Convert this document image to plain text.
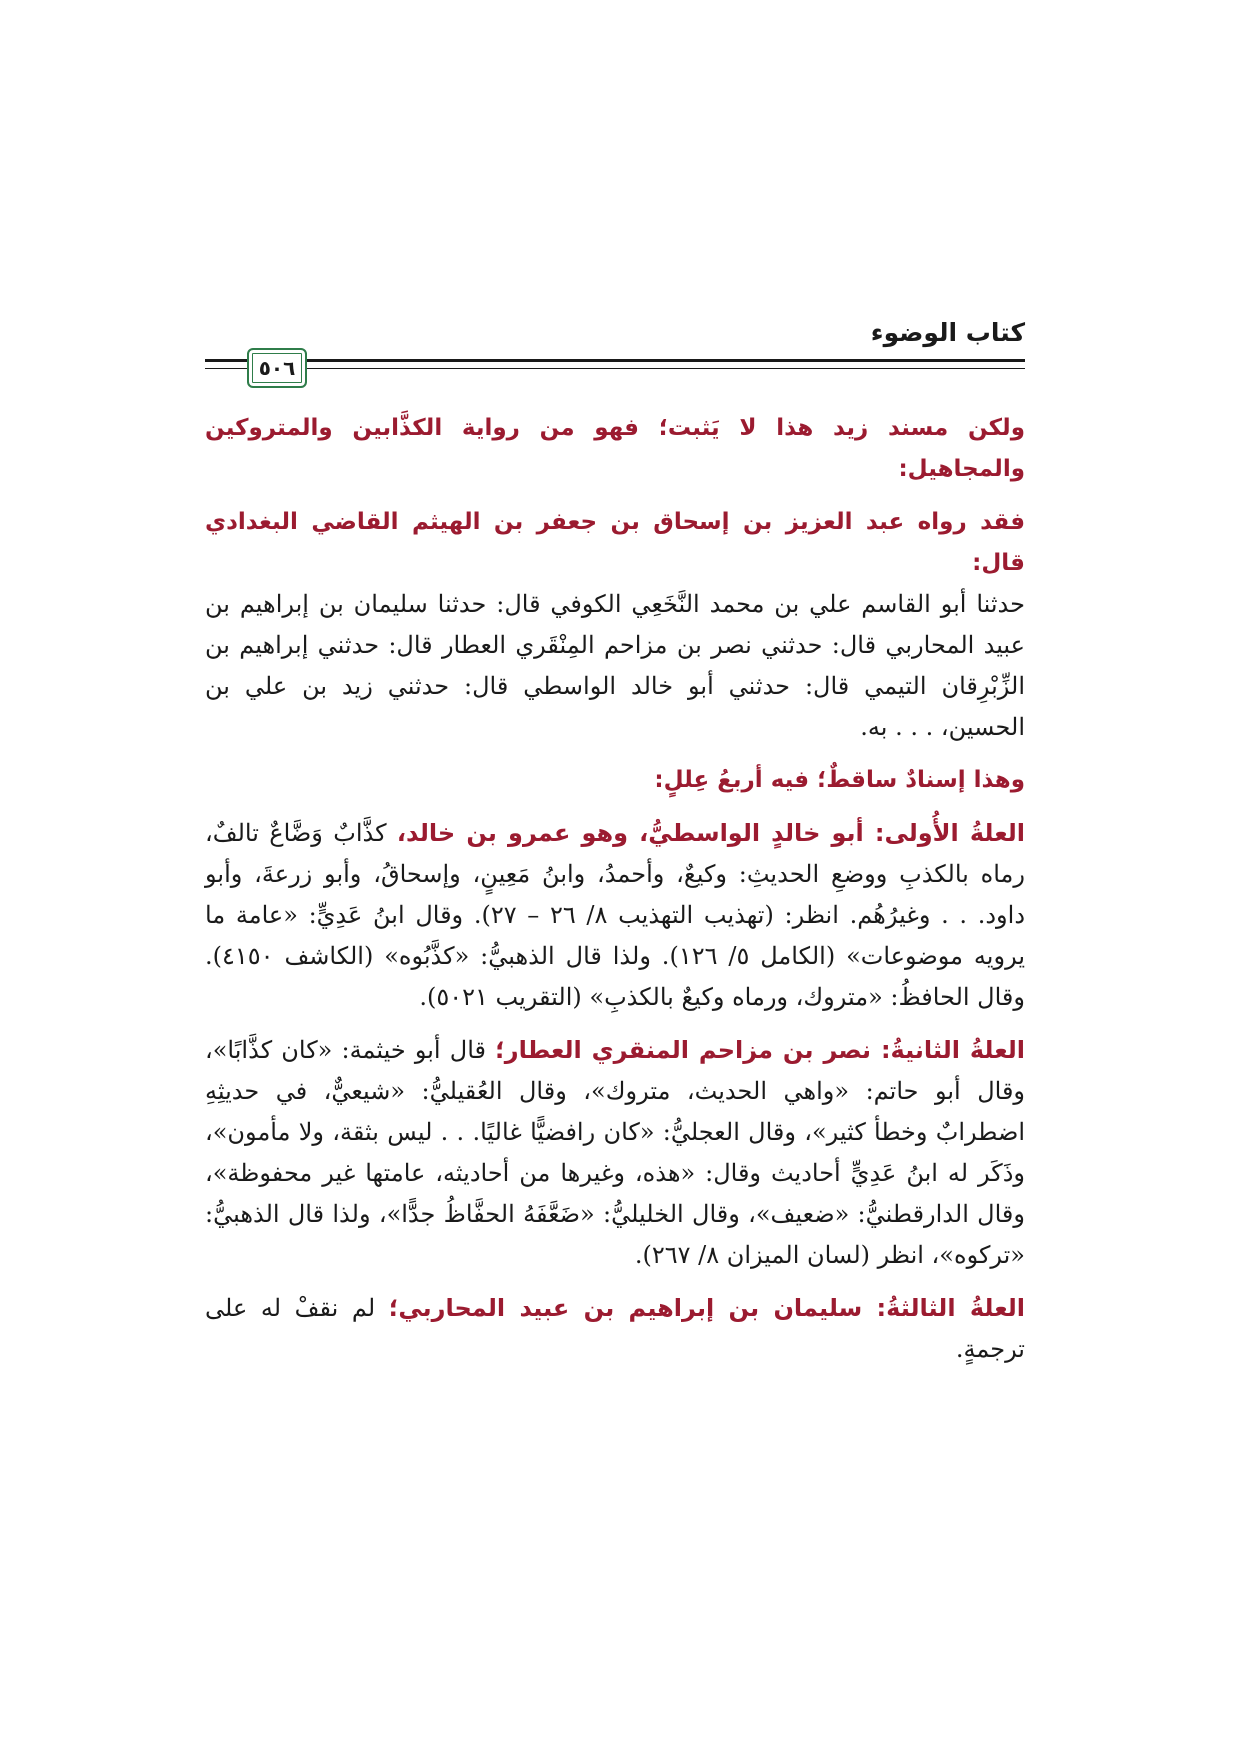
كتاب الوضوء
٥٠٦

ولكن مسند زيد هذا لا يَثبت؛ فهو من رواية الكذَّابين والمتروكين والمجاهيل:

فقد رواه عبد العزيز بن إسحاق بن جعفر بن الهيثم القاضي البغدادي قال:

حدثنا أبو القاسم علي بن محمد النَّخَعِي الكوفي قال: حدثنا سليمان بن إبراهيم بن عبيد المحاربي قال: حدثني نصر بن مزاحم المِنْقَري العطار قال: حدثني إبراهيم بن الزِّبْرِقان التيمي قال: حدثني أبو خالد الواسطي قال: حدثني زيد بن علي بن الحسين، . . . به.

وهذا إسنادٌ ساقطٌ؛ فيه أربعُ عِللٍ:

العلةُ الأُولى: أبو خالدٍ الواسطيُّ، وهو عمرو بن خالد، كذَّابٌ وَضَّاعٌ تالفٌ، رماه بالكذبِ ووضعِ الحديثِ: وكيعٌ، وأحمدُ، وابنُ مَعِينٍ، وإسحاقُ، وأبو زرعةَ، وأبو داود. . . وغيرُهُم. انظر: (تهذيب التهذيب ٨/ ٢٦ – ٢٧). وقال ابنُ عَدِيٍّ: «عامة ما يرويه موضوعات» (الكامل ٥/ ١٢٦). ولذا قال الذهبيُّ: «كذَّبُوه» (الكاشف ٤١٥٠). وقال الحافظُ: «متروك، ورماه وكيعٌ بالكذبِ» (التقريب ٥٠٢١).

العلةُ الثانيةُ: نصر بن مزاحم المنقري العطار؛ قال أبو خيثمة: «كان كذَّابًا»، وقال أبو حاتم: «واهي الحديث، متروك»، وقال العُقيليُّ: «شيعيٌّ، في حديثِهِ اضطرابٌ وخطأ كثير»، وقال العجليُّ: «كان رافضيًّا غاليًا. . . ليس بثقة، ولا مأمون»، وذَكَر له ابنُ عَدِيٍّ أحاديث وقال: «هذه، وغيرها من أحاديثه، عامتها غير محفوظة»، وقال الدارقطنيُّ: «ضعيف»، وقال الخليليُّ: «ضَعَّفَهُ الحفَّاظُ جدًّا»، ولذا قال الذهبيُّ: «تركوه»، انظر (لسان الميزان ٨/ ٢٦٧).

العلةُ الثالثةُ: سليمان بن إبراهيم بن عبيد المحاربي؛ لم نقفْ له على ترجمةٍ.
